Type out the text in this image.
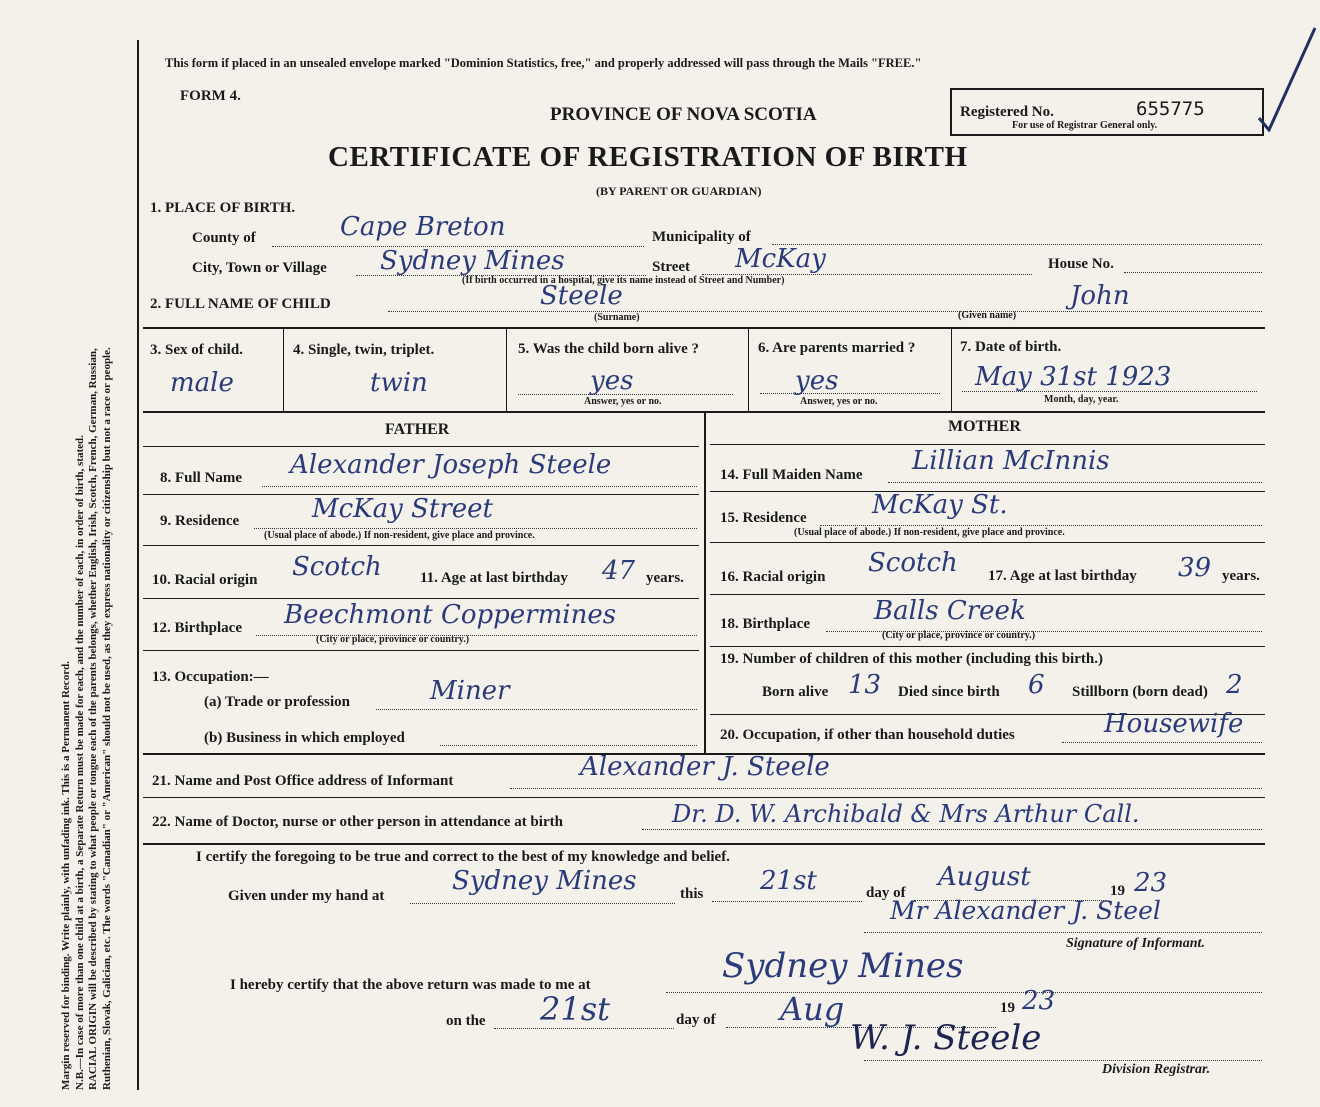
Margin reserved for binding. Write plainly, with unfading ink. This is a Permanent Record. N.B.—In case of more than one child at a birth, a Separate Return must be made for each, and the number of each, in order of birth, stated. RACIAL ORIGIN will be described by stating to what people or tongue each of the parents belongs, whether English, Irish, Scotch, French, German, Russian, Ruthenian, Slovak, Galician, etc. The words "Canadian" or "American" should not be used, as they express nationality or citizenship but not a race or people.
This form if placed in an unsealed envelope marked "Dominion Statistics, free," and properly addressed will pass through the Mails "FREE."
FORM 4.
PROVINCE OF NOVA SCOTIA
CERTIFICATE OF REGISTRATION OF BIRTH
(BY PARENT OR GUARDIAN)
Registered No.	655775
For use of Registrar General only.
1. PLACE OF BIRTH.
County of	Cape Breton	Municipality of
City, Town or Village Sydney Mines	Street McKay	House No.
(If birth occurred in a hospital, give its name instead of Street and Number)
2. FULL NAME OF CHILD	Steele
(Surname)
John
(Given name)
3. Sex of child.
male
4. Single, twin, triplet.
twin
5. Was the child born alive ?
yes
Answer, yes or no.
6. Are parents married ?
yes
Answer, yes or no.
7. Date of birth.
May 31st 1923
Month, day, year.
FATHER
8. Full Name Alexander Joseph Steele
9. Residence	McKay Street
(Usual place of abode.) If non-resident, give place and province.
10. Racial origin Scotch	11. Age at last birthday 47 years.
12. Birthplace Beechmont Coppermines
(City or place, province or country.)
13. Occupation:—
(a) Trade or profession	Miner
(b) Business in which employed
MOTHER
14. Full Maiden Name Lillian McInnis
15. Residence	McKay St.
(Usual place of abode.) If non-resident, give place and province.
16. Racial origin Scotch 17. Age at last birthday 39 years.
18. Birthplace Balls Creek
(City or place, province or country.)
19. Number of children of this mother (including this birth.)
Born alive 13 Died since birth 6 Stillborn (born dead) 2
20. Occupation, if other than household duties	Housewife
21. Name and Post Office address of Informant	Alexander J. Steele
22. Name of Doctor, nurse or other person in attendance at birth	Dr. D. W. Archibald & Mrs Arthur Call.
I certify the foregoing to be true and correct to the best of my knowledge and belief.
Given under my hand at	Sydney Mines	this 21st	day of
August	19 23
Mr Alexander J. Steel
Signature of Informant.
I hereby certify that the above return was made to me at	Sydney Mines
on the 21st	day of Aug	19 23
W. J. Steele
Division Registrar.
